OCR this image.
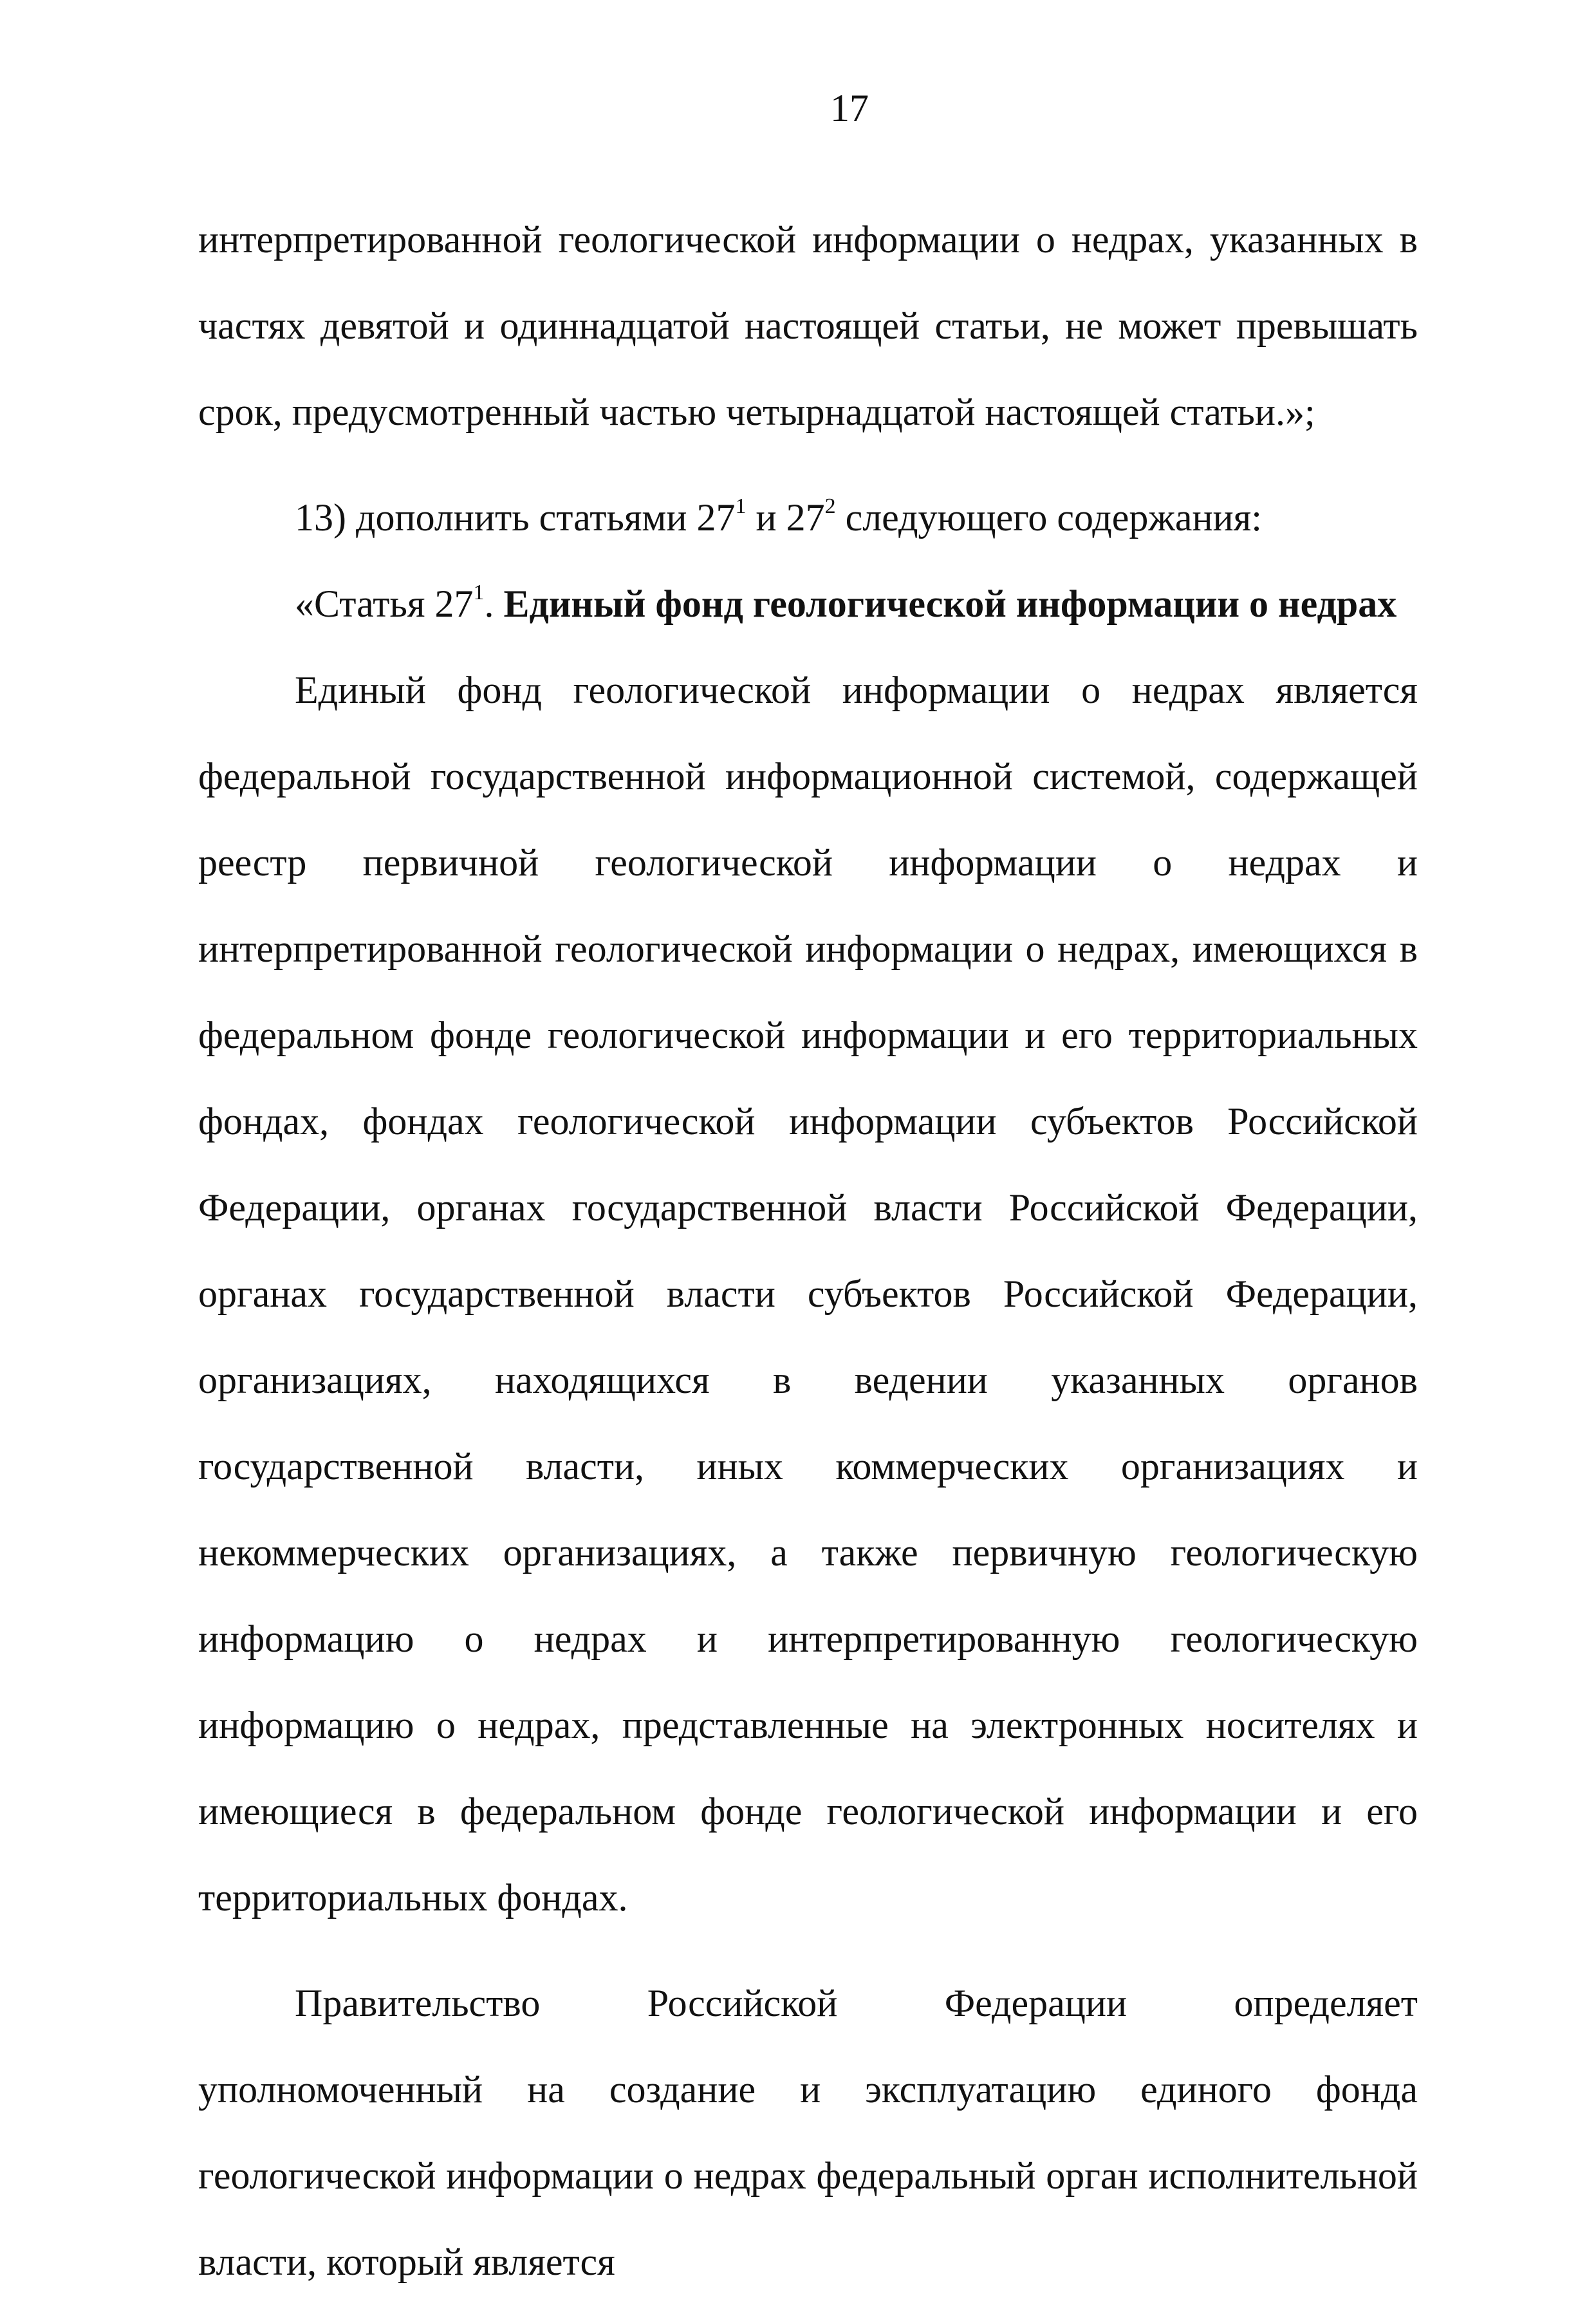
17

интерпретированной геологической информации о недрах, указанных в частях девятой и одиннадцатой настоящей статьи, не может превышать срок, предусмотренный частью четырнадцатой настоящей статьи.»;

13) дополнить статьями $27^1$ и $27^2$ следующего содержания:

«Статья $27^1$. Единый фонд геологической информации о недрах

Единый фонд геологической информации о недрах является федеральной государственной информационной системой, содержащей реестр первичной геологической информации о недрах и интерпретированной геологической информации о недрах, имеющихся в федеральном фонде геологической информации и его территориальных фондах, фондах геологической информации субъектов Российской Федерации, органах государственной власти Российской Федерации, органах государственной власти субъектов Российской Федерации, организациях, находящихся в ведении указанных органов государственной власти, иных коммерческих организациях и некоммерческих организациях, а также первичную геологическую информацию о недрах и интерпретированную геологическую информацию о недрах, представленные на электронных носителях и имеющиеся в федеральном фонде геологической информации и его территориальных фондах.

Правительство Российской Федерации определяет уполномоченный на создание и эксплуатацию единого фонда геологической информации о недрах федеральный орган исполнительной власти, который является
